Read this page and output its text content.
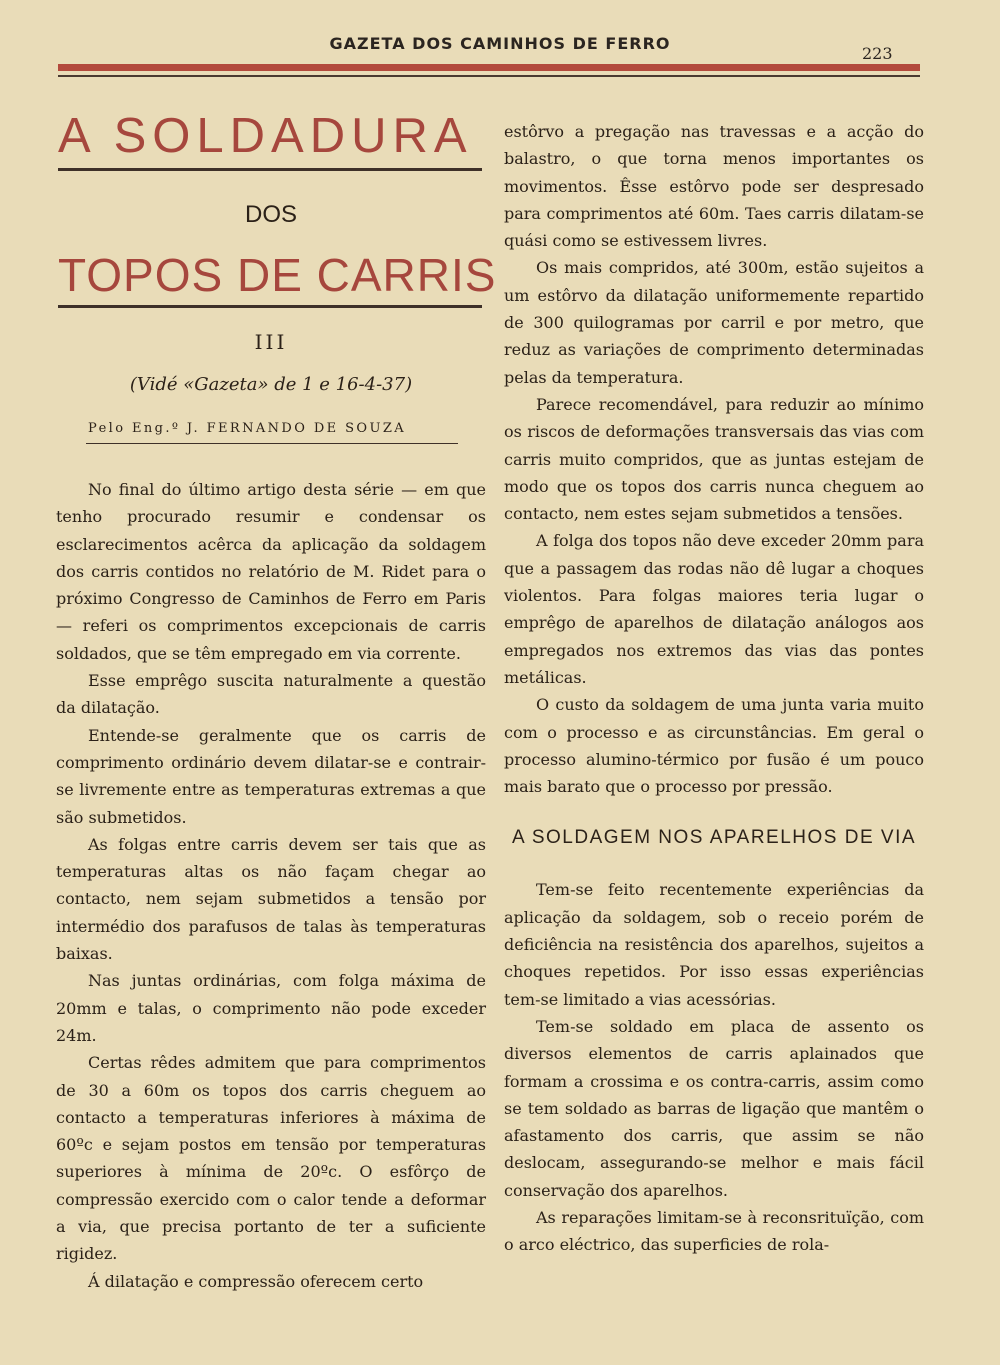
GAZETA DOS CAMINHOS DE FERRO
223
A SOLDADURA
DOS
TOPOS DE CARRIS
III
(Vidé «Gazeta» de 1 e 16-4-37)
Pelo Eng.º J. FERNANDO DE SOUZA

No final do último artigo desta série — em que tenho procurado resumir e condensar os esclarecimentos acêrca da aplicação da soldagem dos carris contidos no relatório de M. Ridet para o próximo Congresso de Caminhos de Ferro em Paris — referi os comprimentos excepcionais de carris soldados, que se têm empregado em via corrente.

Esse emprêgo suscita naturalmente a questão da dilatação.

Entende-se geralmente que os carris de comprimento ordinário devem dilatar-se e contrair-se livremente entre as temperaturas extremas a que são submetidos.

As folgas entre carris devem ser tais que as temperaturas altas os não façam chegar ao contacto, nem sejam submetidos a tensão por intermédio dos parafusos de talas às temperaturas baixas.

Nas juntas ordinárias, com folga máxima de 20mm e talas, o comprimento não pode exceder 24m.

Certas rêdes admitem que para comprimentos de 30 a 60m os topos dos carris cheguem ao contacto a temperaturas inferiores à máxima de 60ºc e sejam postos em tensão por temperaturas superiores à mínima de 20ºc. O esfôrço de compressão exercido com o calor tende a deformar a via, que precisa portanto de ter a suficiente rigidez.

Á dilatação e compressão oferecem certo

estôrvo a pregação nas travessas e a acção do balastro, o que torna menos importantes os movimentos. Êsse estôrvo pode ser despresado para comprimentos até 60m. Taes carris dilatam-se quási como se estivessem livres.

Os mais compridos, até 300m, estão sujeitos a um estôrvo da dilatação uniformemente repartido de 300 quilogramas por carril e por metro, que reduz as variações de comprimento determinadas pelas da temperatura.

Parece recomendável, para reduzir ao mínimo os riscos de deformações transversais das vias com carris muito compridos, que as juntas estejam de modo que os topos dos carris nunca cheguem ao contacto, nem estes sejam submetidos a tensões.

A folga dos topos não deve exceder 20mm para que a passagem das rodas não dê lugar a choques violentos. Para folgas maiores teria lugar o emprêgo de aparelhos de dilatação análogos aos empregados nos extremos das vias das pontes metálicas.

O custo da soldagem de uma junta varia muito com o processo e as circunstâncias. Em geral o processo alumino-térmico por fusão é um pouco mais barato que o processo por pressão.

A SOLDAGEM NOS APARELHOS DE VIA

Tem-se feito recentemente experiências da aplicação da soldagem, sob o receio porém de deficiência na resistência dos aparelhos, sujeitos a choques repetidos. Por isso essas experiências tem-se limitado a vias acessórias.

Tem-se soldado em placa de assento os diversos elementos de carris aplainados que formam a crossima e os contra-carris, assim como se tem soldado as barras de ligação que mantêm o afastamento dos carris, que assim se não deslocam, assegurando-se melhor e mais fácil conservação dos aparelhos.

As reparações limitam-se à reconsrituïção, com o arco eléctrico, das superficies de rola-
